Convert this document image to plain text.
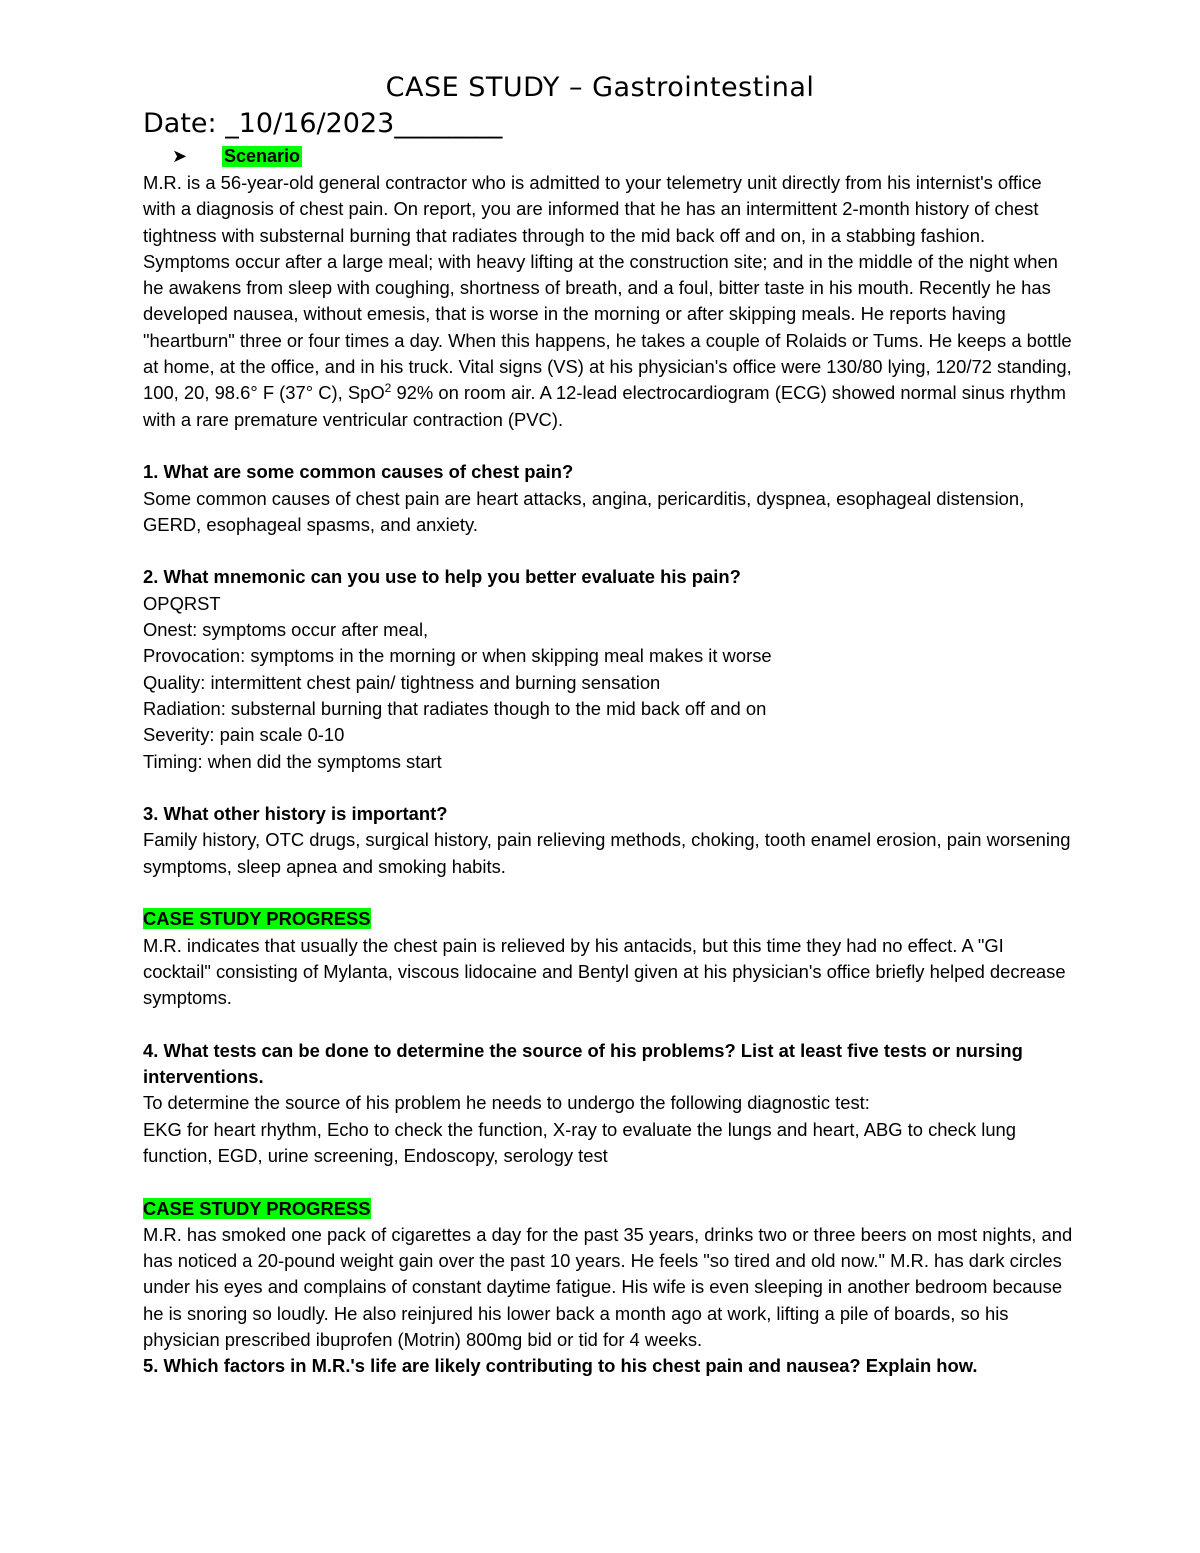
CASE STUDY – Gastrointestinal
Date: _10/16/2023________
➤	Scenario

M.R. is a 56-year-old general contractor who is admitted to your telemetry unit directly from his internist's office with a diagnosis of chest pain. On report, you are informed that he has an intermittent 2-month history of chest tightness with substernal burning that radiates through to the mid back off and on, in a stabbing fashion. Symptoms occur after a large meal; with heavy lifting at the construction site; and in the middle of the night when he awakens from sleep with coughing, shortness of breath, and a foul, bitter taste in his mouth. Recently he has developed nausea, without emesis, that is worse in the morning or after skipping meals. He reports having "heartburn" three or four times a day. When this happens, he takes a couple of Rolaids or Tums. He keeps a bottle at home, at the office, and in his truck. Vital signs (VS) at his physician's office were 130/80 lying, 120/72 standing, 100, 20, 98.6° F (37° C), SpO$^2$ 92% on room air. A 12-lead electrocardiogram (ECG) showed normal sinus rhythm with a rare premature ventricular contraction (PVC).

1. What are some common causes of chest pain?

Some common causes of chest pain are heart attacks, angina, pericarditis, dyspnea, esophageal distension, GERD, esophageal spasms, and anxiety.

2. What mnemonic can you use to help you better evaluate his pain?

OPQRST

Onest: symptoms occur after meal,

Provocation: symptoms in the morning or when skipping meal makes it worse

Quality: intermittent chest pain/ tightness and burning sensation

Radiation: substernal burning that radiates though to the mid back off and on

Severity: pain scale 0-10

Timing: when did the symptoms start

3. What other history is important?

Family history, OTC drugs, surgical history, pain relieving methods, choking, tooth enamel erosion, pain worsening symptoms, sleep apnea and smoking habits.

CASE STUDY PROGRESS

M.R. indicates that usually the chest pain is relieved by his antacids, but this time they had no effect. A "GI cocktail" consisting of Mylanta, viscous lidocaine and Bentyl given at his physician's office briefly helped decrease symptoms.

4. What tests can be done to determine the source of his problems? List at least five tests or nursing interventions.

To determine the source of his problem he needs to undergo the following diagnostic test:

EKG for heart rhythm, Echo to check the function, X-ray to evaluate the lungs and heart, ABG to check lung function, EGD, urine screening, Endoscopy, serology test

CASE STUDY PROGRESS

M.R. has smoked one pack of cigarettes a day for the past 35 years, drinks two or three beers on most nights, and has noticed a 20-pound weight gain over the past 10 years. He feels "so tired and old now." M.R. has dark circles under his eyes and complains of constant daytime fatigue. His wife is even sleeping in another bedroom because he is snoring so loudly. He also reinjured his lower back a month ago at work, lifting a pile of boards, so his physician prescribed ibuprofen (Motrin) 800mg bid or tid for 4 weeks.

5. Which factors in M.R.'s life are likely contributing to his chest pain and nausea? Explain how.
